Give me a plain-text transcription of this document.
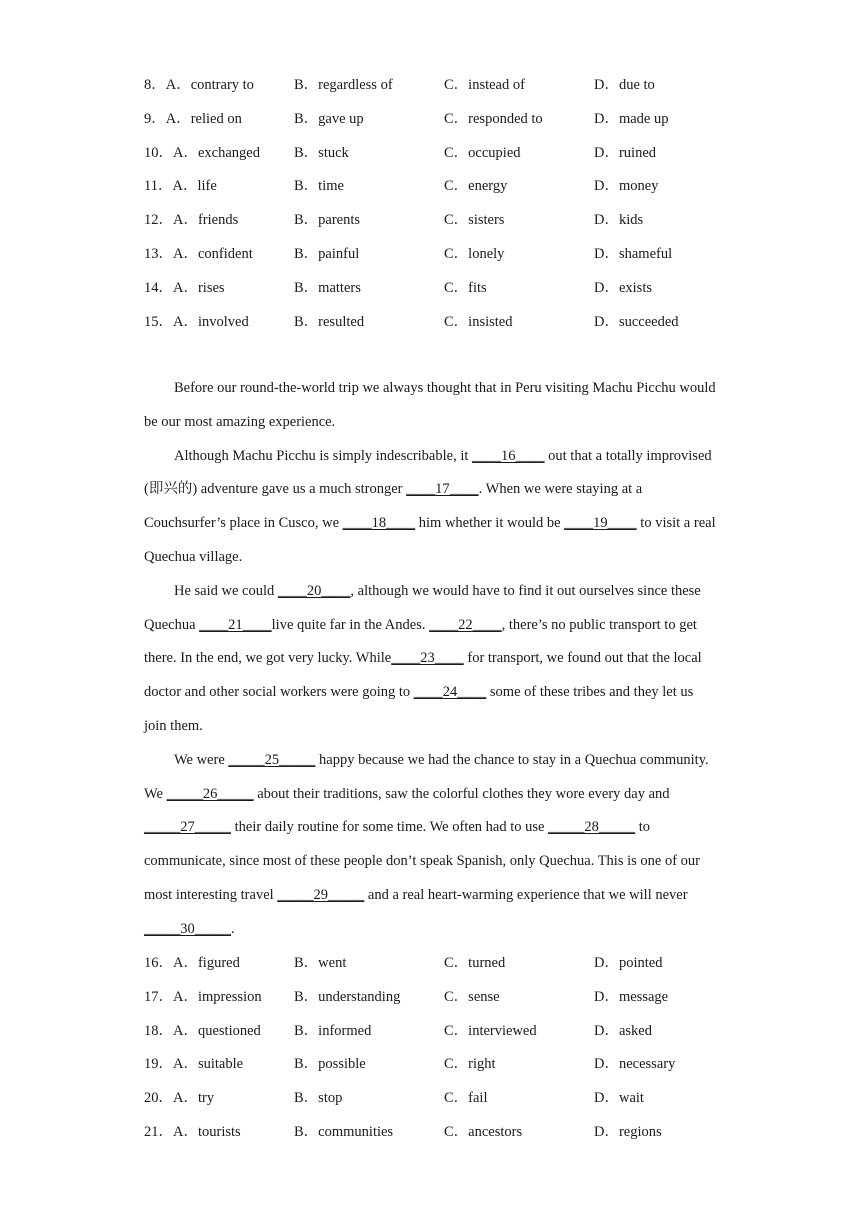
8．A．contrary to	B．regardless of	C．instead of	D．due to
9．A．relied on	B．gave up	C．responded to	D．made up
10．A．exchanged B．stuck	C．occupied	D．ruined
11．A．life	B．time	C．energy	D．money
12．A．friends	B．parents	C．sisters	D．kids
13．A．confident	B．painful	C．lonely	D．shameful
14．A．rises	B．matters	C．fits	D．exists
15．A．involved	B．resulted	C．insisted	D．succeeded

Before our round-the-world trip we always thought that in Peru visiting Machu Picchu would be our most amazing experience.

Although Machu Picchu is simply indescribable, it ____16____ out that a totally improvised (即兴的) adventure gave us a much stronger ____17____. When we were staying at a Couchsurfer’s place in Cusco, we ____18____ him whether it would be ____19____ to visit a real Quechua village.

He said we could ____20____, although we would have to find it out ourselves since these Quechua ____21____live quite far in the Andes. ____22____, there’s no public transport to get there. In the end, we got very lucky. While____23____ for transport, we found out that the local doctor and other social workers were going to ____24____ some of these tribes and they let us join them.

We were _____25_____ happy because we had the chance to stay in a Quechua community. We _____26_____ about their traditions, saw the colorful clothes they wore every day and _____27_____ their daily routine for some time. We often had to use _____28_____ to communicate, since most of these people don’t speak Spanish, only Quechua. This is one of our most interesting travel _____29_____ and a real heart-warming experience that we will never _____30_____.

16．A．figured	B．went	C．turned	D．pointed
17．A．impression B．understanding	C．sense	D．message
18．A．questioned B．informed	C．interviewed	D．asked
19．A．suitable	B．possible	C．right	D．necessary
20．A．try	B．stop	C．fail	D．wait
21．A．tourists	B．communities	C．ancestors	D．regions
